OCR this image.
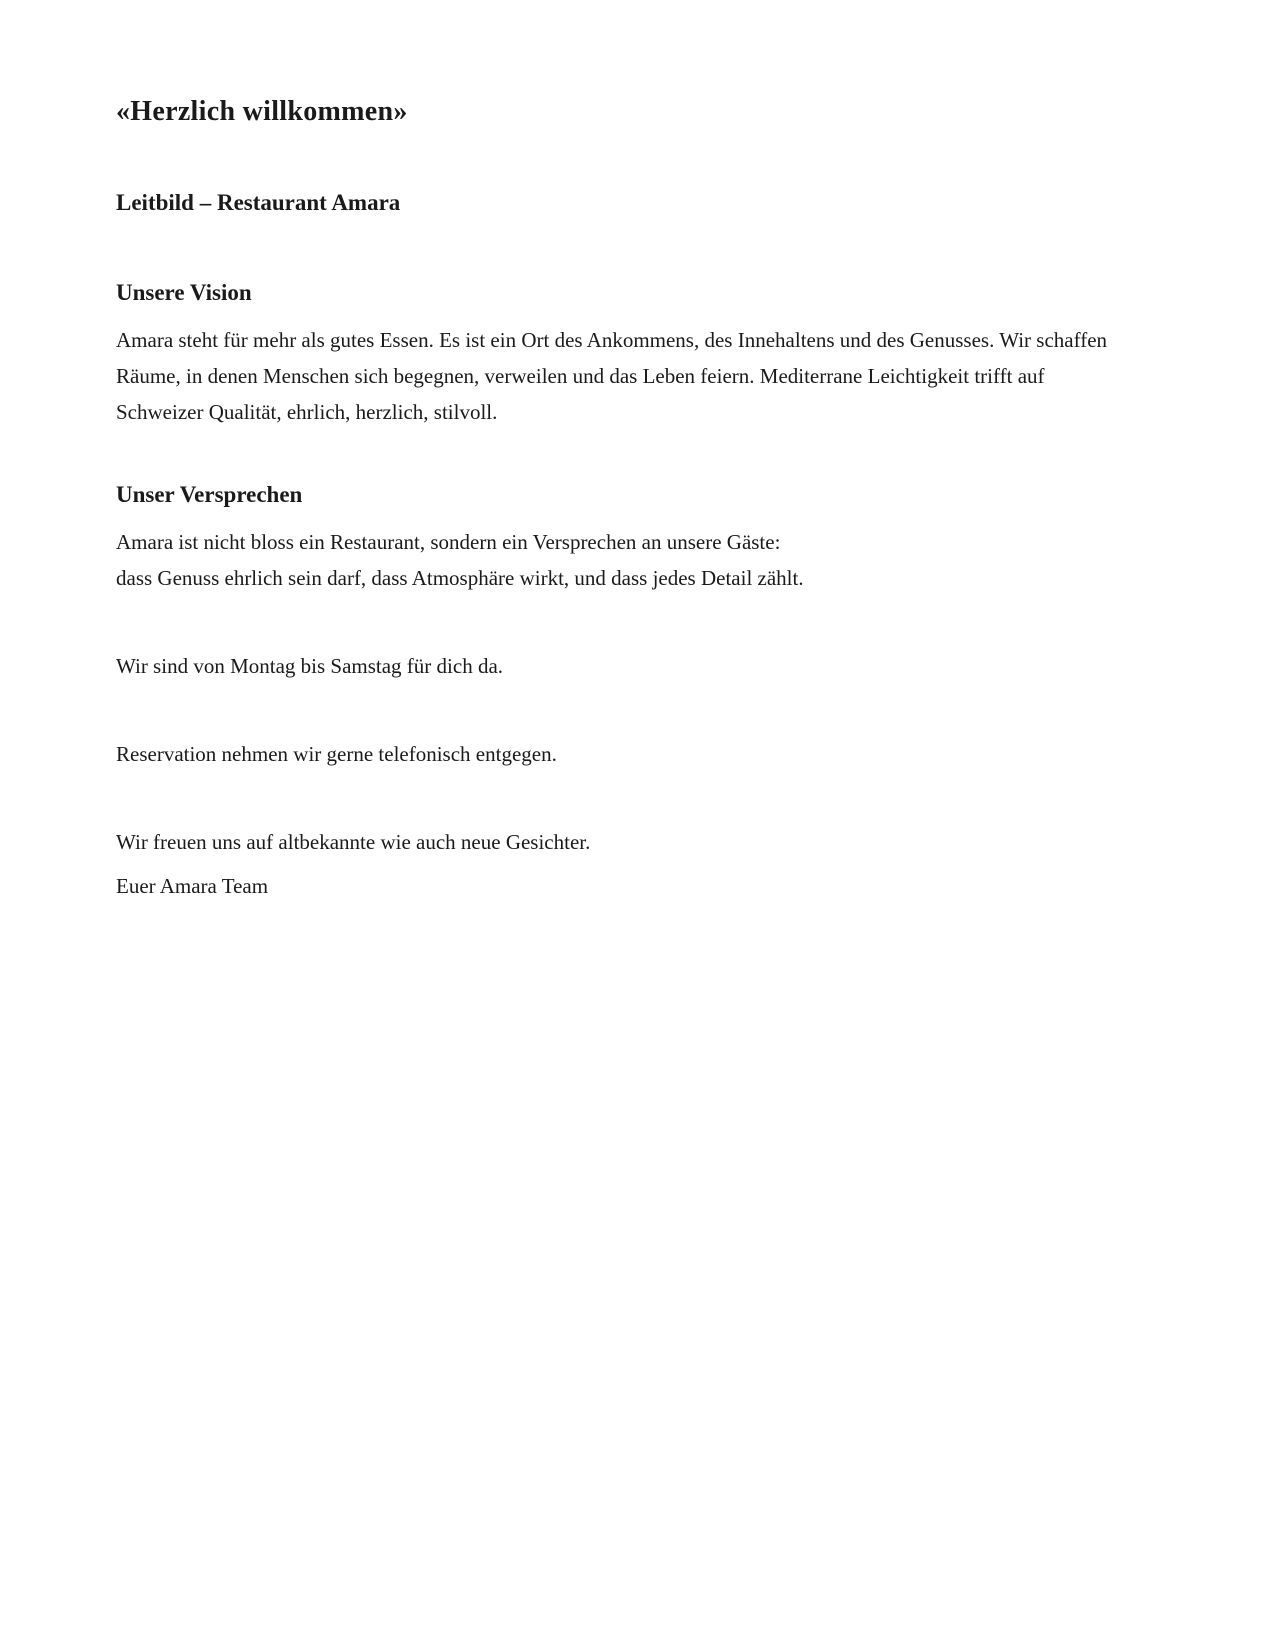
«Herzlich willkommen»
Leitbild – Restaurant Amara
Unsere Vision

Amara steht für mehr als gutes Essen. Es ist ein Ort des Ankommens, des Innehaltens und des Genusses. Wir schaffen Räume, in denen Menschen sich begegnen, verweilen und das Leben feiern. Mediterrane Leichtigkeit trifft auf Schweizer Qualität, ehrlich, herzlich, stilvoll.

Unser Versprechen

Amara ist nicht bloss ein Restaurant, sondern ein Versprechen an unsere Gäste:
dass Genuss ehrlich sein darf, dass Atmosphäre wirkt, und dass jedes Detail zählt.

Wir sind von Montag bis Samstag für dich da.

Reservation nehmen wir gerne telefonisch entgegen.

Wir freuen uns auf altbekannte wie auch neue Gesichter.

Euer Amara Team
